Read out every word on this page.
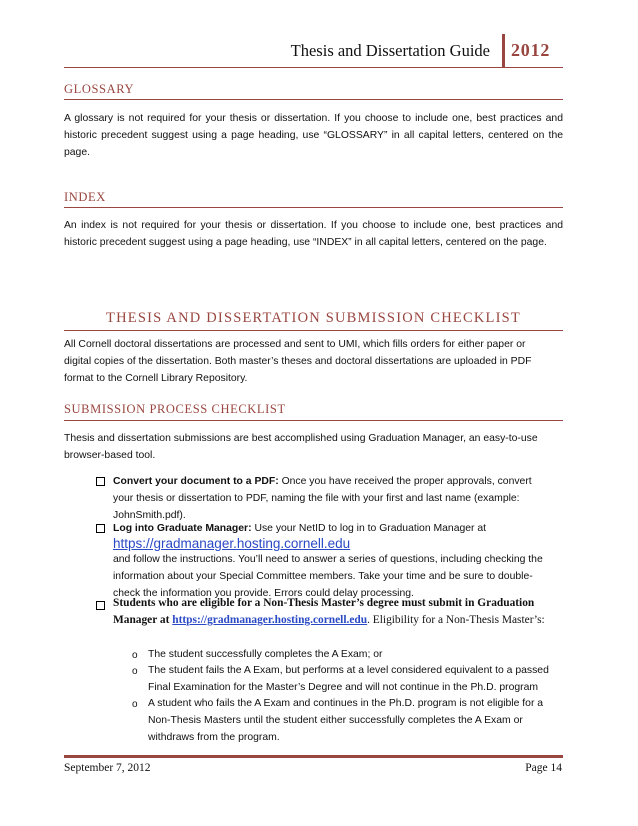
Thesis and Dissertation Guide 2012
GLOSSARY
A glossary is not required for your thesis or dissertation. If you choose to include one, best practices and historic precedent suggest using a page heading, use “GLOSSARY” in all capital letters, centered on the page.
INDEX
An index is not required for your thesis or dissertation. If you choose to include one, best practices and historic precedent suggest using a page heading, use “INDEX” in all capital letters, centered on the page.
THESIS AND DISSERTATION SUBMISSION CHECKLIST
All Cornell doctoral dissertations are processed and sent to UMI, which fills orders for either paper or digital copies of the dissertation. Both master’s theses and doctoral dissertations are uploaded in PDF format to the Cornell Library Repository.
SUBMISSION PROCESS CHECKLIST
Thesis and dissertation submissions are best accomplished using Graduation Manager, an easy-to-use browser-based tool.
Convert your document to a PDF: Once you have received the proper approvals, convert your thesis or dissertation to PDF, naming the file with your first and last name (example: JohnSmith.pdf).
Log into Graduate Manager: Use your NetID to log in to Graduation Manager at
https://gradmanager.hosting.cornell.edu
and follow the instructions. You’ll need to answer a series of questions, including checking the information about your Special Committee members. Take your time and be sure to double-check the information you provide. Errors could delay processing.
Students who are eligible for a Non-Thesis Master’s degree must submit in Graduation Manager at https://gradmanager.hosting.cornell.edu. Eligibility for a Non-Thesis Master’s:
o The student successfully completes the A Exam; or
o The student fails the A Exam, but performs at a level considered equivalent to a passed Final Examination for the Master’s Degree and will not continue in the Ph.D. program
o A student who fails the A Exam and continues in the Ph.D. program is not eligible for a Non-Thesis Masters until the student either successfully completes the A Exam or withdraws from the program.
September 7, 2012	Page 14
